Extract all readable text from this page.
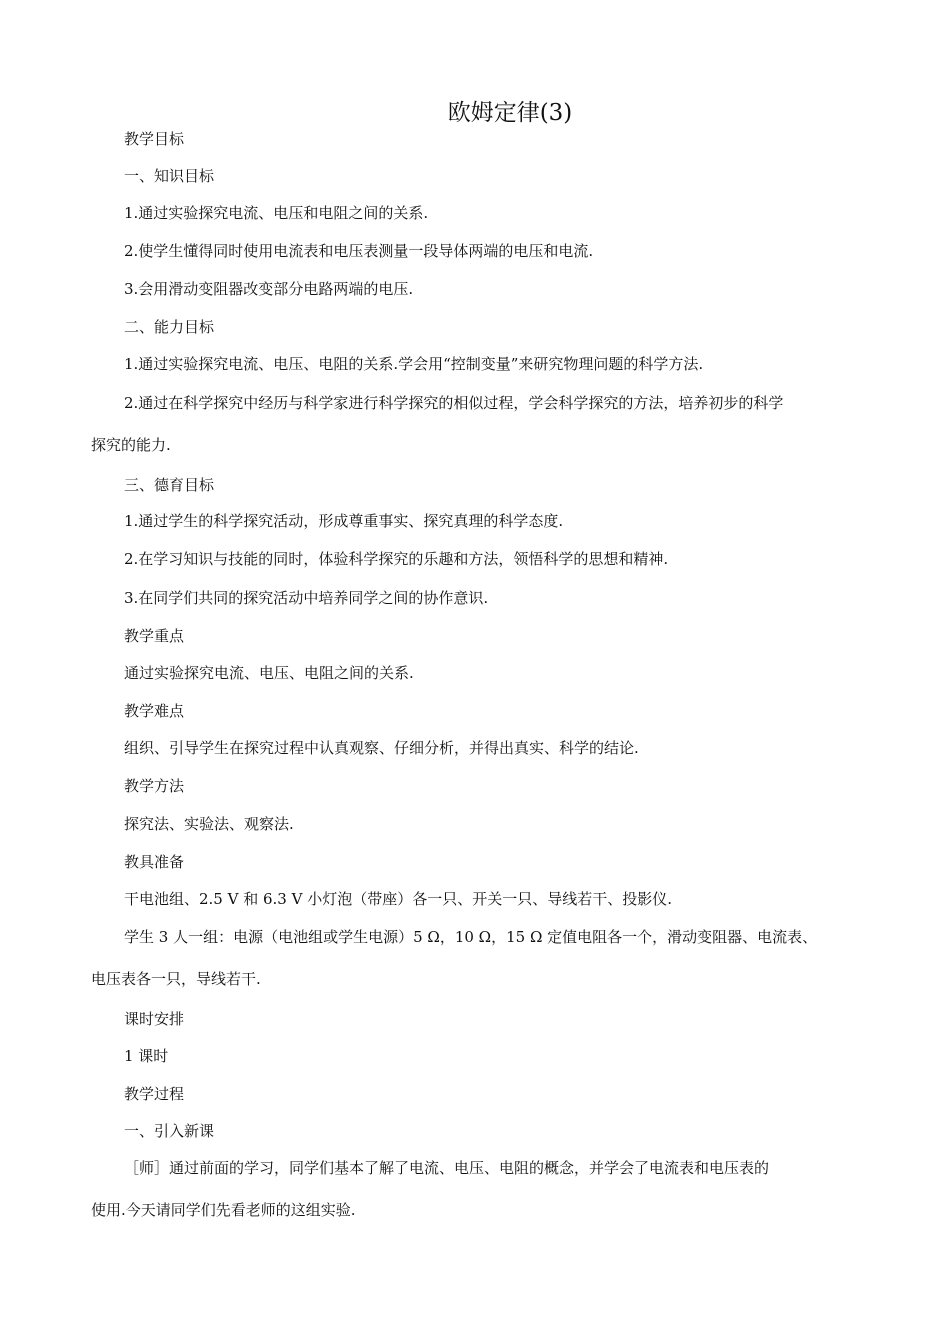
欧姆定律(3)
教学目标
一、知识目标
1.通过实验探究电流、电压和电阻之间的关系.
2.使学生懂得同时使用电流表和电压表测量一段导体两端的电压和电流.
3.会用滑动变阻器改变部分电路两端的电压.
二、能力目标
1.通过实验探究电流、电压、电阻的关系.学会用“控制变量”来研究物理问题的科学方法.
2.通过在科学探究中经历与科学家进行科学探究的相似过程，学会科学探究的方法，培养初步的科学
探究的能力.
三、德育目标
1.通过学生的科学探究活动，形成尊重事实、探究真理的科学态度.
2.在学习知识与技能的同时，体验科学探究的乐趣和方法，领悟科学的思想和精神.
3.在同学们共同的探究活动中培养同学之间的协作意识.
教学重点
通过实验探究电流、电压、电阻之间的关系.
教学难点
组织、引导学生在探究过程中认真观察、仔细分析，并得出真实、科学的结论.
教学方法
探究法、实验法、观察法.
教具准备
干电池组、2.5 V 和 6.3 V 小灯泡（带座）各一只、开关一只、导线若干、投影仪.
学生 3 人一组：电源（电池组或学生电源）5 Ω，10 Ω，15 Ω 定值电阻各一个，滑动变阻器、电流表、
电压表各一只，导线若干.
课时安排
1 课时
教学过程
一、引入新课
［师］通过前面的学习，同学们基本了解了电流、电压、电阻的概念，并学会了电流表和电压表的
使用.今天请同学们先看老师的这组实验.
